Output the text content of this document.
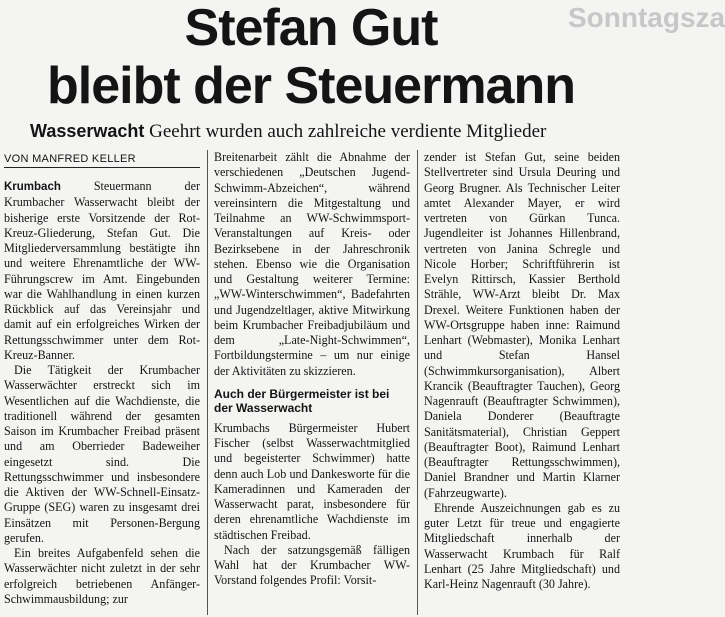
Sonntagsza
Stefan Gut
bleibt der Steuermann
Wasserwacht Geehrt wurden auch zahlreiche verdiente Mitglieder
VON MANFRED KELLER

Krumbach Steuermann der Krumbacher Wasserwacht bleibt der bisherige erste Vorsitzende der Rot-Kreuz-Gliederung, Stefan Gut. Die Mitgliederversammlung bestätigte ihn und weitere Ehrenamtliche der WW-Führungscrew im Amt. Eingebunden war die Wahlhandlung in einen kurzen Rückblick auf das Vereinsjahr und damit auf ein erfolgreiches Wirken der Rettungsschwimmer unter dem Rot-Kreuz-Banner.

Die Tätigkeit der Krumbacher Wasserwächter erstreckt sich im Wesentlichen auf die Wachdienste, die traditionell während der gesamten Saison im Krumbacher Freibad präsent und am Oberrieder Badeweiher eingesetzt sind. Die Rettungsschwimmer und insbesondere die Aktiven der WW-Schnell-Einsatz-Gruppe (SEG) waren zu insgesamt drei Einsätzen mit Personen-Bergung gerufen.

Ein breites Aufgabenfeld sehen die Wasserwächter nicht zuletzt in der sehr erfolgreich betriebenen Anfänger-Schwimmausbildung; zur

Breitenarbeit zählt die Abnahme der verschiedenen „Deutschen Jugend-Schwimm-Abzeichen“, während vereinsintern die Mitgestaltung und Teilnahme an WW-Schwimmsport-Veranstaltungen auf Kreis- oder Bezirksebene in der Jahreschronik stehen. Ebenso wie die Organisation und Gestaltung weiterer Termine: „WW-Winterschwimmen“, Badefahrten und Jugendzeltlager, aktive Mitwirkung beim Krumbacher Freibadjubiläum und dem „Late-Night-Schwimmen“, Fortbildungstermine – um nur einige der Aktivitäten zu skizzieren.

Auch der Bürgermeister ist bei der Wasserwacht

Krumbachs Bürgermeister Hubert Fischer (selbst Wasserwachtmitglied und begeisterter Schwimmer) hatte denn auch Lob und Dankesworte für die Kameradinnen und Kameraden der Wasserwacht parat, insbesondere für deren ehrenamtliche Wachdienste im städtischen Freibad.

Nach der satzungsgemäß fälligen Wahl hat der Krumbacher WW-Vorstand folgendes Profil: Vorsit-

zender ist Stefan Gut, seine beiden Stellvertreter sind Ursula Deuring und Georg Brugner. Als Technischer Leiter amtet Alexander Mayer, er wird vertreten von Gürkan Tunca. Jugendleiter ist Johannes Hillenbrand, vertreten von Janina Schregle und Nicole Horber; Schriftführerin ist Evelyn Rittirsch, Kassier Berthold Strähle, WW-Arzt bleibt Dr. Max Drexel. Weitere Funktionen haben der WW-Ortsgruppe haben inne: Raimund Lenhart (Webmaster), Monika Lenhart und Stefan Hansel (Schwimmkursorganisation), Albert Krancik (Beauftragter Tauchen), Georg Nagenrauft (Beauftragter Schwimmen), Daniela Donderer (Beauftragte Sanitätsmaterial), Christian Geppert (Beauftragter Boot), Raimund Lenhart (Beauftragter Rettungsschwimmen), Daniel Brandner und Martin Klarner (Fahrzeugwarte).

Ehrende Auszeichnungen gab es zu guter Letzt für treue und engagierte Mitgliedschaft innerhalb der Wasserwacht Krumbach für Ralf Lenhart (25 Jahre Mitgliedschaft) und Karl-Heinz Nagenrauft (30 Jahre).
